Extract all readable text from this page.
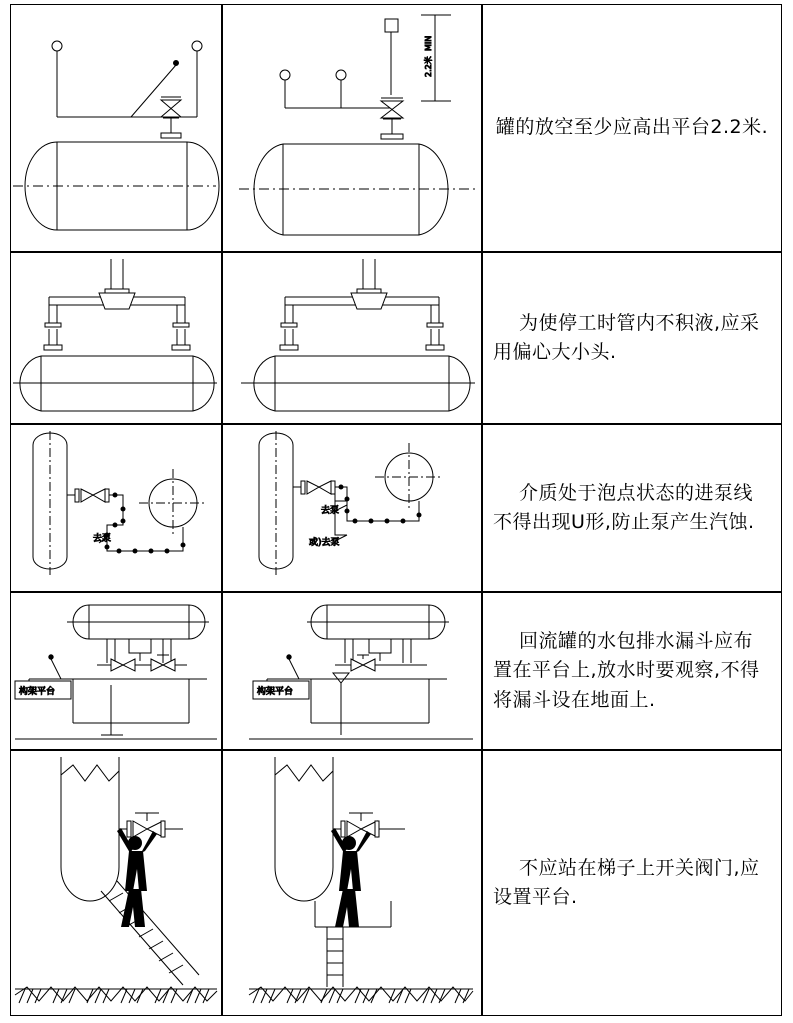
2.2米
MIN
罐的放空至少应高出平台2.2米.
为使停工时管内不积液,应采用偏心大小头.
去泵
去泵
或)去泵
介质处于泡点状态的进泵线不得出现U形,防止泵产生汽蚀.
构架平台	构架平台
回流罐的水包排水漏斗应布置在平台上,放水时要观察,不得将漏斗设在地面上.
不应站在梯子上开关阀门,应设置平台.
